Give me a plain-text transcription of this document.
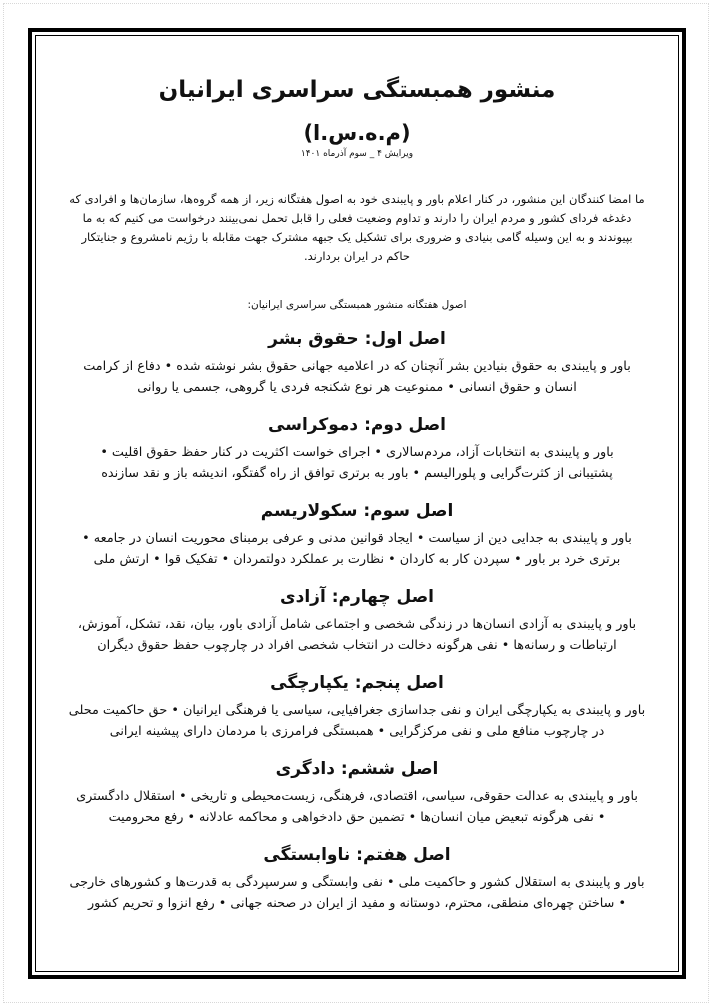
منشور همبستگی سراسری ایرانیان
(م.ه.س.ا)
ویرایش ۴ _ سوم آذرماه ۱۴۰۱
ما امضا کنندگان این منشور، در کنار اعلام باور و پایبندی خود به اصول هفتگانه زیر، از همه گروه‌ها، سازمان‌ها و افرادی که
دغدغه فردای کشور و مردم ایران را دارند و تداوم وضعیت فعلی را قابل تحمل نمی‌بینند درخواست می کنیم که به ما
بپیوندند و به این وسیله گامی بنیادی و ضروری برای تشکیل یک جبهه مشترک جهت مقابله با رژیم نامشروع و جنایتکار
حاکم در ایران بردارند.
اصول هفتگانه منشور همبستگی سراسری ایرانیان:
اصل اول: حقوق بشر
باور و پایبندی به حقوق بنیادین بشر آنچنان که در اعلامیه جهانی حقوق بشر نوشته شده • دفاع از کرامت
انسان و حقوق انسانی • ممنوعیت هر نوع شکنجه فردی یا گروهی، جسمی یا روانی
اصل دوم: دموکراسی
باور و پایبندی به انتخابات آزاد، مردم‌سالاری • اجرای خواست اکثریت در کنار حفظ حقوق اقلیت •
پشتیبانی از کثرت‌گرایی و پلورالیسم • باور به برتری توافق از راه گفتگو، اندیشه باز و نقد سازنده
اصل سوم: سکولاریسم
باور و پایبندی به جدایی دین از سیاست • ایجاد قوانین مدنی و عرفی برمبنای محوریت انسان در جامعه •
برتری خرد بر باور • سپردن کار به کاردان • نظارت بر عملکرد دولتمردان • تفکیک قوا • ارتش ملی
اصل چهارم: آزادی
باور و پایبندی به آزادی انسان‌ها در زندگی شخصی و اجتماعی شامل آزادی باور، بیان، نقد، تشکل، آموزش،
ارتباطات و رسانه‌ها • نفی هرگونه دخالت در انتخاب شخصی افراد در چارچوب حفظ حقوق دیگران
اصل پنجم: یکپارچگی
باور و پایبندی به یکپارچگی ایران و نفی جداسازی جغرافیایی، سیاسی یا فرهنگی ایرانیان • حق حاکمیت محلی
در چارچوب منافع ملی و نفی مرکزگرایی • همبستگی فرامرزی با مردمان دارای پیشینه ایرانی
اصل ششم: دادگری
باور و پایبندی به عدالت حقوقی، سیاسی، اقتصادی، فرهنگی، زیست‌محیطی و تاریخی • استقلال دادگستری
• نفی هرگونه تبعیض میان انسان‌ها • تضمین حق دادخواهی و محاکمه عادلانه • رفع محرومیت
اصل هفتم: ناوابستگی
باور و پایبندی به استقلال کشور و حاکمیت ملی • نفی وابستگی و سرسپردگی به قدرت‌ها و کشورهای خارجی
• ساختن چهره‌ای منطقی، محترم، دوستانه و مفید از ایران در صحنه جهانی • رفع انزوا و تحریم کشور
